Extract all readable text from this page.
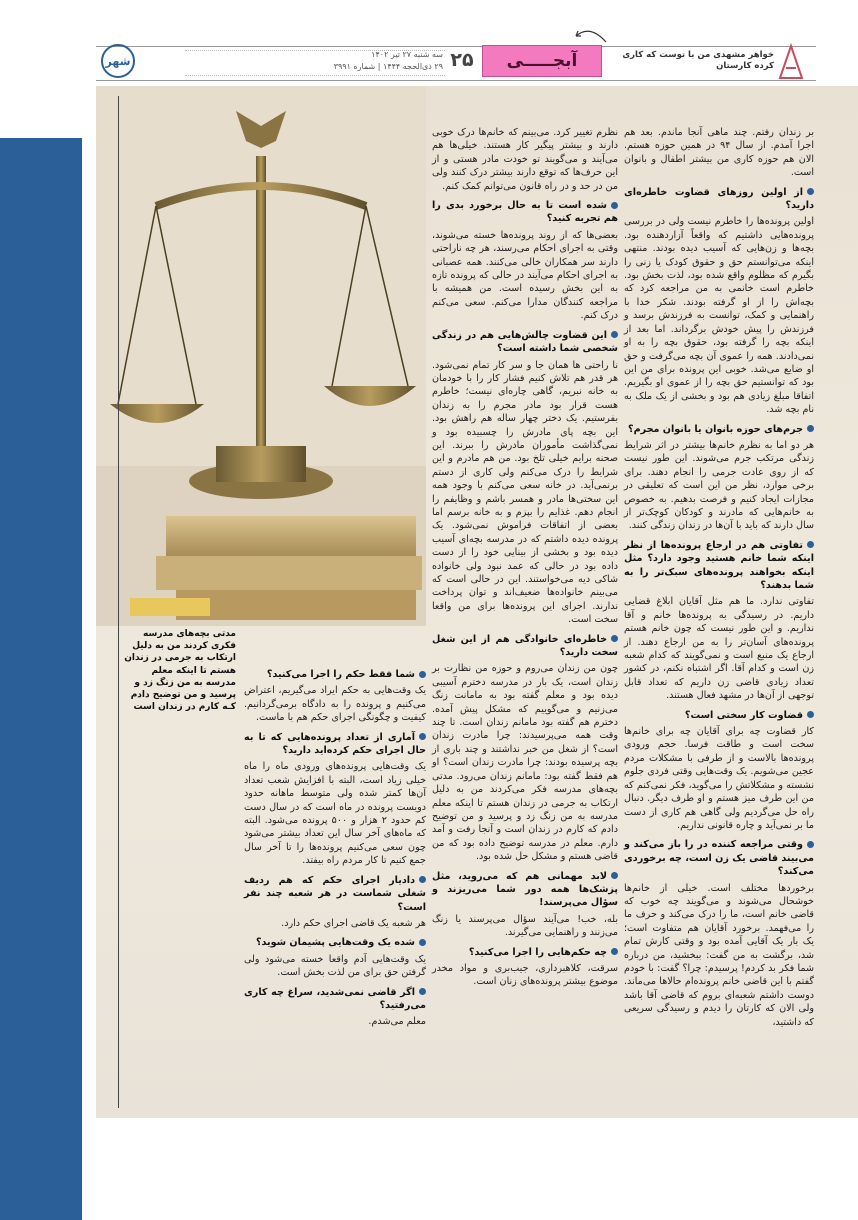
شهر	خواهر مشهدی من با توست که کاری کرده کارستان
آبجـــــی
۲۵
سه شنبه ۲۷ تیر ۱۴۰۲
۲۹ ذی‌الحجه ۱۴۴۴ | شماره ۳۹۹۱
مدتی بچه‌های مدرسه فکری کردند من به دلیل ارتکاب به جرمی در زندان هستم تا اینکه معلم مدرسه به من زنگ زد و پرسید و من توضیح دادم کـه کارم در زندان است

بر زندان رفتم. چند ماهی آنجا ماندم. بعد هم اجرا آمدم. از سال ۹۴ در همین حوزه هستم. الان هم حوزه کاری من بیشتر اطفال و بانوان است.

از اولین روزهای قضاوت خاطره‌ای دارید؟

اولین پرونده‌ها را خاطرم نیست ولی در بررسی پرونده‌هایی داشتیم که واقعاً آزاردهنده بود. بچه‌ها و زن‌هایی که آسیب دیده بودند. منتهی اینکه می‌توانستم حق و حقوق کودک یا زنی را بگیرم که مظلوم واقع شده بود، لذت بخش بود. خاطرم است خانمی به من مراجعه کرد که بچه‌اش را از او گرفته بودند. شکر خدا با راهنمایی و کمک، توانست به فرزندش برسد و فرزندش را پیش خودش برگرداند. اما بعد از اینکه بچه را گرفته بود، حقوق بچه را به او نمی‌دادند. همه را عموی آن بچه می‌گرفت و حق او ضایع می‌شد. خوبی این پرونده برای من این بود که توانستیم حق بچه را از عموی او بگیریم. اتفاقا مبلغ زیادی هم بود و بخشی از یک ملک به نام بچه شد.

جرم‌های حوزه بانوان یا بانوان مجرم؟

هر دو اما به نظرم خانم‌ها بیشتر در اثر شرایط زندگی مرتکب جرم می‌شوند. این طور نیست که از روی عادت جرمی را انجام دهند. برای برخی موارد، نظر من این است که تعلیقی در مجازات ایجاد کنیم و فرصت بدهیم. به خصوص به خانم‌هایی که مادرند و کودکان کوچک‌تر از سال دارند که باید با آن‌ها در زندان زندگی کنند.

تفاوتی هم در ارجاع پرونده‌ها از نظر اینکه شما خانم هستید وجود دارد؟ مثل اینکه بخواهند پرونده‌های سبک‌تر را به شما بدهند؟

تفاوتی ندارد. ما هم مثل آقایان ابلاغ قضایی داریم. در رسیدگی به پرونده‌ها خانم و آقا نداریم. و این طور نیست که چون خانم هستم پرونده‌های آسان‌تر را به من ارجاع دهند. از ارجاع یک منبع است و نمی‌گویند که کدام شعبه زن است و کدام آقا. اگر اشتباه نکنم، در کشور تعداد زیادی قاضی زن داریم که تعداد قابل توجهی از آن‌ها در مشهد فعال هستند.

قضاوت کار سختی است؟

کار قضاوت چه برای آقایان چه برای خانم‌ها سخت است و طاقت فرسا. حجم ورودی پرونده‌ها بالاست و از طرفی با مشکلات مردم عجین می‌شویم. یک وقت‌هایی وقتی فردی جلوم نشسته و مشکلاتش را می‌گوید، فکر نمی‌کنم که من این طرف میز هستم و او طرف دیگر. دنبال راه حل می‌گردیم ولی گاهی هم کاری از دست ما بر نمی‌آید و چاره قانونی نداریم.

وقتی مراجعه کننده در را باز می‌کند و می‌بیند قاضی یک زن است، چه برخوردی می‌کند؟

برخوردها مختلف است. خیلی از خانم‌ها خوشحال می‌شوند و می‌گویند چه خوب که قاضی خانم است، ما را درک می‌کند و حرف ما را می‌فهمد. برخورد آقایان هم متفاوت است؛ یک بار یک آقایی آمده بود و وقتی کارش تمام شد، برگشت به من گفت: ببخشید، من درباره شما فکر بد کردم! پرسیدم: چرا؟ گفت: با خودم گفتم با این قاضی خانم پرونده‌ام حالاها می‌ماند. دوست داشتم شعبه‌ای بروم که قاضی آقا باشد ولی الان که کارتان را دیدم و رسیدگی سریعی که داشتید،

نظرم تغییر کرد. می‌بینم که خانم‌ها درک خوبی دارند و بیشتر پیگیر کار هستند. خیلی‌ها هم می‌آیند و می‌گویند تو خودت مادر هستی و از این حرف‌ها که توقع دارند بیشتر درک کنند ولی من در حد و در راه قانون می‌توانم کمک کنم.

شده است تا به حال برخورد بدی را هم تجربه کنید؟

بعضی‌ها که از روند پرونده‌ها خسته می‌شوند، وقتی به اجرای احکام می‌رسند، هر چه ناراحتی دارند سر همکاران خالی می‌کنند. همه عصبانی به اجرای احکام می‌آیند در حالی که پرونده تازه به این بخش رسیده است. من همیشه با مراجعه کنندگان مدارا می‌کنم. سعی می‌کنم درک کنم.

این قضاوت چالش‌هایی هم در زندگی شخصی شما داشته است؟

نا راحتی ها همان جا و سر کار تمام نمی‌شود. هر قدر هم تلاش کنیم فشار کار را با خودمان به خانه نبریم، گاهی چاره‌ای نیست؛ خاطرم هست قرار بود مادر مجرم را به زندان بفرستیم. یک دختر چهار ساله هم راهش بود. این بچه پای مادرش را چسبیده بود و نمی‌گذاشت مأموران مادرش را ببرند. این صحنه برایم خیلی تلخ بود. من هم مادرم و این شرایط را درک می‌کنم ولی کاری از دستم برنمی‌آید. در خانه سعی می‌کنم با وجود همه این سختی‌ها مادر و همسر باشم و وظایفم را انجام دهم. غذایم را بپزم و به خانه برسم اما بعضی از اتفاقات فراموش نمی‌شود. یک پرونده دیده داشتم که در مدرسه بچه‌ای آسیب دیده بود و بخشی از بینایی خود را از دست داده بود در حالی که عمد نبود ولی خانواده شاکی دیه می‌خواستند. این در حالی است که می‌بینم خانواده‌ها ضعیف‌اند و توان پرداخت ندارند. اجرای این پرونده‌ها برای من واقعا سخت است.

خاطره‌ای خانوادگی هم از این شغل سخت دارید؟

چون من زندان می‌روم و حوزه من نظارت بر زندان است، یک بار در مدرسه دخترم آسیبی دیده بود و معلم گفته بود به مامانت زنگ می‌زنیم و می‌گوییم که مشکل پیش آمده. دخترم هم گفته بود مامانم زندان است. تا چند وقت همه می‌پرسیدند: چرا مادرت زندان است؟ از شغل من خبر نداشتند و چند باری از بچه پرسیده بودند: چرا مادرت زندان است؟ او هم فقط گفته بود: مامانم زندان می‌رود. مدتی بچه‌های مدرسه فکر می‌کردند من به دلیل ارتکاب به جرمی در زندان هستم تا اینکه معلم مدرسه به من زنگ زد و پرسید و من توضیح دادم که کارم در زندان است و آنجا رفت و آمد دارم. معلم در مدرسه توضیح داده بود که من قاضی هستم و مشکل حل شده بود.

لابد مهمانی هم که می‌روید، مثل پزشک‌ها همه دور شما می‌ریزند و سؤال می‌پرسند!

بله، خب! می‌آیند سؤال می‌پرسند یا زنگ می‌زنند و راهنمایی می‌گیرند.

چه حکم‌هایی را اجرا می‌کنید؟

سرقت، کلاهبرداری، جیب‌بری و مواد مخدر موضوع بیشتر پرونده‌های زنان است.

شما فقط حکم را اجرا می‌کنید؟

یک وقت‌هایی به حکم ایراد می‌گیریم، اعتراض می‌کنیم و پرونده را به دادگاه برمی‌گردانیم. کیفیت و چگونگی اجرای حکم هم با ماست.

آماری از تعداد پرونده‌هایی که تا به حال اجرای حکم کرده‌اید دارید؟

یک وقت‌هایی پرونده‌های ورودی ماه را ماه خیلی زیاد است، البته با افزایش شعب تعداد آن‌ها کمتر شده ولی متوسط ماهانه حدود دویست پرونده در ماه است که در سال دست کم حدود ۲ هزار و ۵۰۰ پرونده می‌شود. البته که ماه‌های آخر سال این تعداد بیشتر می‌شود چون سعی می‌کنیم پرونده‌ها را تا آخر سال جمع کنیم تا کار مردم راه بیفتد.

دادیار اجرای حکم که هم ردیف شغلی شماست در هر شعبه چند نفر است؟

هر شعبه یک قاضی اجرای حکم دارد.

شده یک وقت‌هایی پشیمان شوید؟

یک وقت‌هایی آدم واقعا خسته می‌شود ولی گرفتن حق برای من لذت بخش است.

اگر قاضی نمی‌شدید، سراغ چه کاری می‌رفتید؟

معلم می‌شدم.
